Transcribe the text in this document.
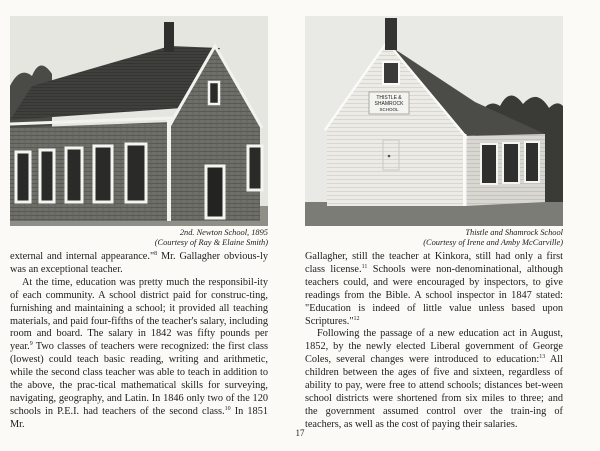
2nd. Newton School, 1895
(Courtesy of Ray & Elaine Smith)

external and internal appearance."$^8$ Mr. Gallagher obvious-ly was an exceptional teacher.

At the time, education was pretty much the responsibil-ity of each community. A school district paid for construc-ting, furnishing and maintaining a school; it provided all teaching materials, and paid four-fifths of the teacher's salary, including room and board. The salary in 1842 was fifty pounds per year.$^9$ Two classes of teachers were recognized: the first class (lowest) could teach basic reading, writing and arithmetic, while the second class teacher was able to teach in addition to the above, the prac-tical mathematical skills for surveying, navigating, geography, and Latin. In 1846 only two of the 120 schools in P.E.I. had teachers of the second class.$^{10}$ In 1851 Mr.

THISTLE &
SHAMROCK
SCHOOL
Thistle and Shamrock School
(Courtesy of Irene and Amby McCarville)

Gallagher, still the teacher at Kinkora, still had only a first class license.$^{11}$ Schools were non-denominational, although teachers could, and were encouraged by inspectors, to give readings from the Bible. A school inspector in 1847 stated: "Education is indeed of little value unless based upon Scriptures."$^{12}$

Following the passage of a new education act in August, 1852, by the newly elected Liberal government of George Coles, several changes were introduced to education:$^{13}$ All children between the ages of five and sixteen, regardless of ability to pay, were free to attend schools; distances bet-ween school districts were shortened from six miles to three; and the government assumed control over the train-ing of teachers, as well as the cost of paying their salaries.

17
